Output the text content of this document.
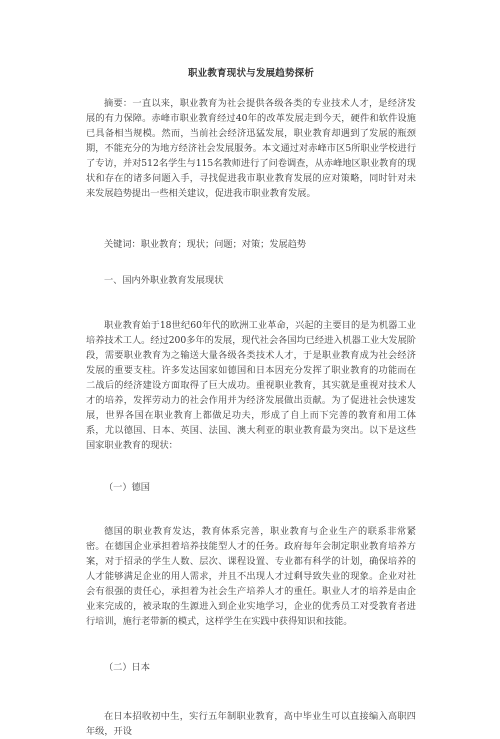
职业教育现状与发展趋势探析

摘要：一直以来，职业教育为社会提供各级各类的专业技术人才，是经济发展的有力保障。赤峰市职业教育经过40年的改革发展走到今天，硬件和软件设施已具备相当规模。然而，当前社会经济迅猛发展，职业教育却遇到了发展的瓶颈期，不能充分的为地方经济社会发展服务。本文通过对赤峰市区5所职业学校进行了专访，并对512名学生与115名教师进行了问卷调查，从赤峰地区职业教育的现状和存在的诸多问题入手，寻找促进我市职业教育发展的应对策略，同时针对未来发展趋势提出一些相关建议，促进我市职业教育发展。

关键词：职业教育；现状；问题；对策；发展趋势

一、国内外职业教育发展现状

职业教育始于18世纪60年代的欧洲工业革命，兴起的主要目的是为机器工业培养技术工人。经过200多年的发展，现代社会各国均已经进入机器工业大发展阶段，需要职业教育为之输送大量各级各类技术人才，于是职业教育成为社会经济发展的重要支柱。许多发达国家如德国和日本因充分发挥了职业教育的功能而在二战后的经济建设方面取得了巨大成功。重视职业教育，其实就是重视对技术人才的培养，发挥劳动力的社会作用并为经济发展做出贡献。为了促进社会快速发展，世界各国在职业教育上都做足功夫，形成了自上而下完善的教育和用工体系，尤以德国、日本、英国、法国、澳大利亚的职业教育最为突出。以下是这些国家职业教育的现状：

（一）德国

德国的职业教育发达，教育体系完善，职业教育与企业生产的联系非常紧密。在德国企业承担着培养技能型人才的任务。政府每年会制定职业教育培养方案，对于招录的学生人数、层次、课程设置、专业都有科学的计划，确保培养的人才能够满足企业的用人需求，并且不出现人才过剩导致失业的现象。企业对社会有很强的责任心，承担着为社会生产培养人才的重任。职业人才的培养是由企业来完成的，被录取的生源进入到企业实地学习，企业的优秀员工对受教育者进行培训，施行老带新的模式，这样学生在实践中获得知识和技能。

（二）日本

在日本招收初中生，实行五年制职业教育，高中毕业生可以直接编入高职四年级，开设
